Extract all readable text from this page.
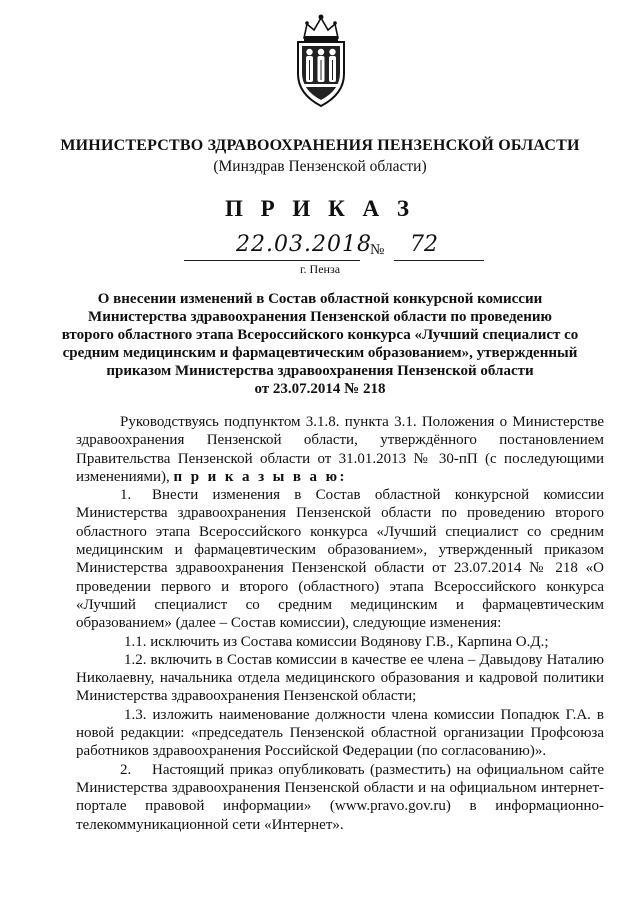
МИНИСТЕРСТВО ЗДРАВООХРАНЕНИЯ ПЕНЗЕНСКОЙ ОБЛАСТИ
(Минздрав Пензенской области)
П Р И К А З
22.03.2018
№ 72
г. Пенза
О внесении изменений в Состав областной конкурсной комиссии
Министерства здравоохранения Пензенской области по проведению
второго областного этапа Всероссийского конкурса «Лучший специалист со
средним медицинским и фармацевтическим образованием», утвержденный
приказом Министерства здравоохранения Пензенской области
от 23.07.2014 № 218

Руководствуясь подпунктом 3.1.8. пункта 3.1. Положения о Министерстве здравоохранения Пензенской области, утверждённого постановлением Правительства Пензенской области от 31.01.2013 № 30-пП (с последующими изменениями), п р и к а з ы в а ю:

1. Внести изменения в Состав областной конкурсной комиссии Министерства здравоохранения Пензенской области по проведению второго областного этапа Всероссийского конкурса «Лучший специалист со средним медицинским и фармацевтическим образованием», утвержденный приказом Министерства здравоохранения Пензенской области от 23.07.2014 № 218 «О проведении первого и второго (областного) этапа Всероссийского конкурса «Лучший специалист со средним медицинским и фармацевтическим образованием» (далее – Состав комиссии), следующие изменения:

1.1. исключить из Состава комиссии Водянову Г.В., Карпина О.Д.;

1.2. включить в Состав комиссии в качестве ее члена – Давыдову Наталию Николаевну, начальника отдела медицинского образования и кадровой политики Министерства здравоохранения Пензенской области;

1.3. изложить наименование должности члена комиссии Попадюк Г.А. в новой редакции: «председатель Пензенской областной организации Профсоюза работников здравоохранения Российской Федерации (по согласованию)».

2. Настоящий приказ опубликовать (разместить) на официальном сайте Министерства здравоохранения Пензенской области и на официальном интернет-портале правовой информации» (www.pravo.gov.ru) в информационно-телекоммуникационной сети «Интернет».
